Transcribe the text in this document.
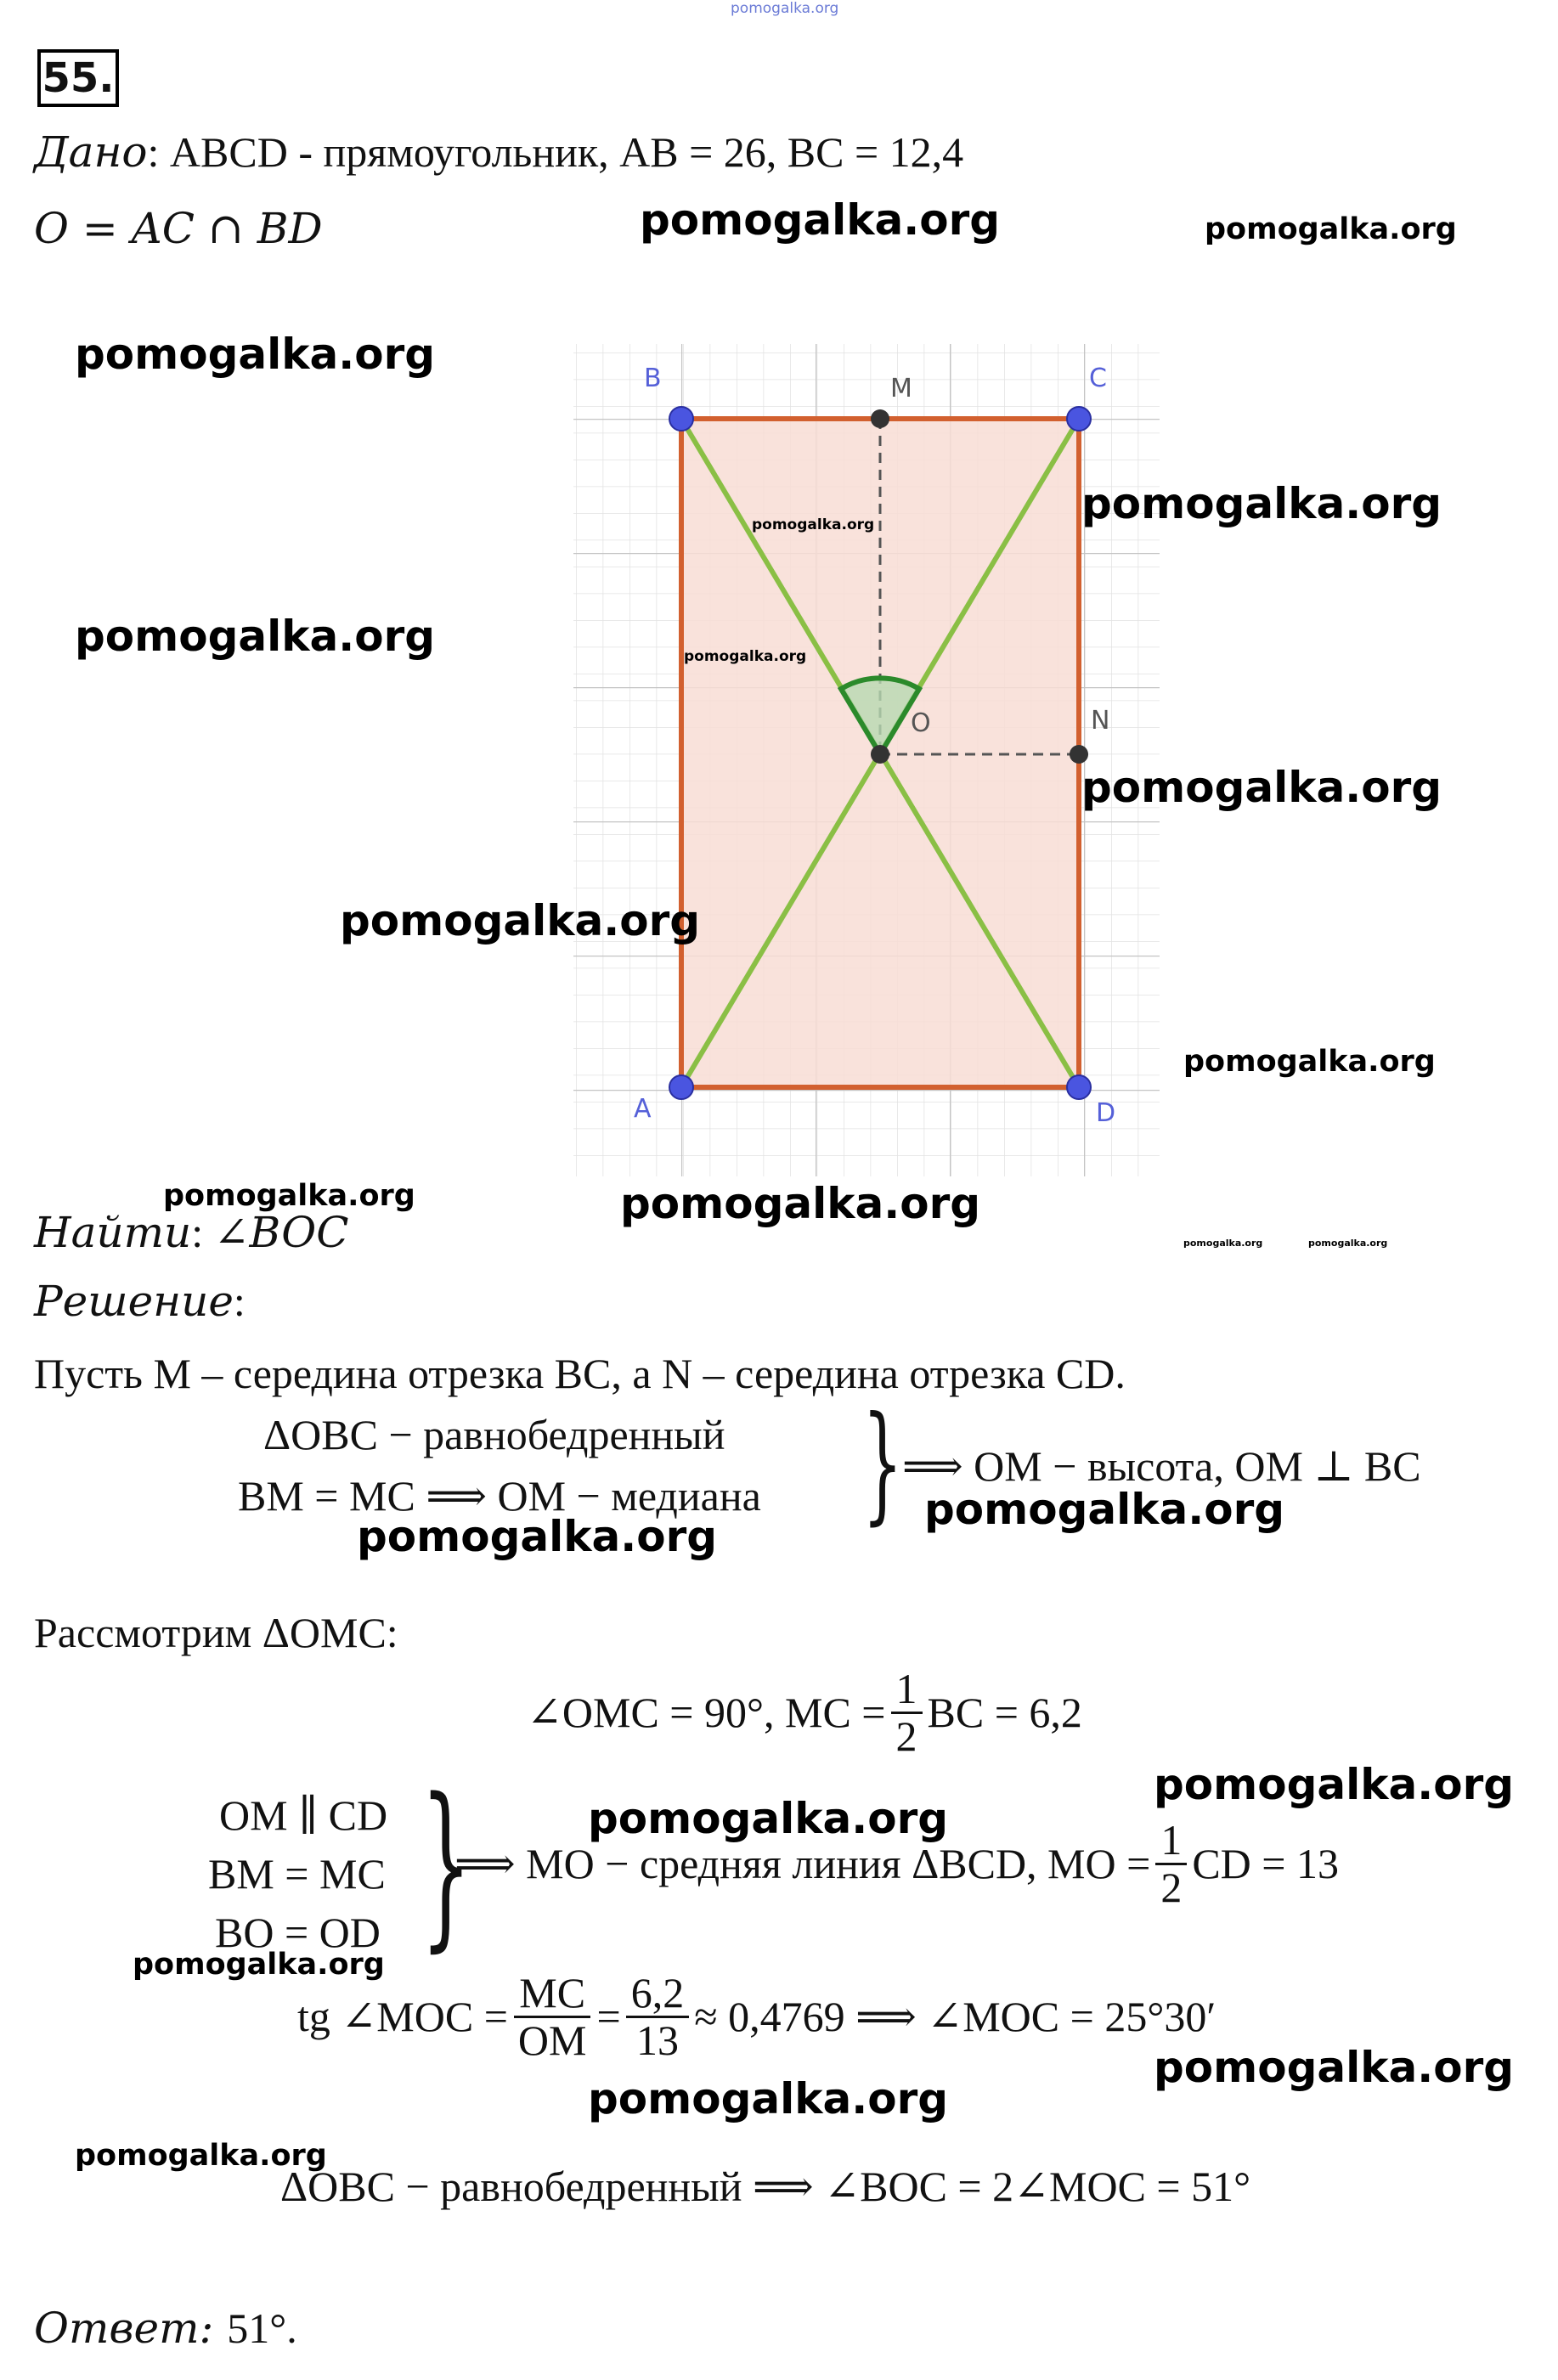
pomogalka.org
55.
Дано: ABCD - прямоугольник, AB = 26, BC = 12,4
O = AC ∩ BD
B	M	C
O	N
A	D
pomogalka.org
pomogalka.org
Найти: ∠BOC
Решение:
Пусть M – середина отрезка BC, а N – середина отрезка CD.
ΔOBC − равнобедренный
BM = MC ⟹ OM − медиана } ⟹ OM − высота, OM ⊥ BC
Рассмотрим ΔOMC:
∠OMC = 90°, MC = $\frac{1}{2}$ BC = 6,2
OM ∥ CD
BM = MC
BO = OD }
⟹ MO − средняя линия ΔBCD, MO = $\frac{1}{2}$ CD = 13
tg ∠MOC = $\frac{MC}{OM} = \frac{6,2}{13} \approx 0,4769$ ⟹ ∠MOC = 25°30′
ΔOBC − равнобедренный ⟹ ∠BOC = 2∠MOC = 51°
Ответ: 51°.
pomogalka.org	pomogalka.org
pomogalka.org
pomogalka.org
pomogalka.org
pomogalka.org
pomogalka.org
pomogalka.org
pomogalka.org	pomogalka.org
pomogalka.org	pomogalka.org
pomogalka.org
pomogalka.org
pomogalka.org
pomogalka.org
pomogalka.org
pomogalka.org
pomogalka.org
pomogalka.org
